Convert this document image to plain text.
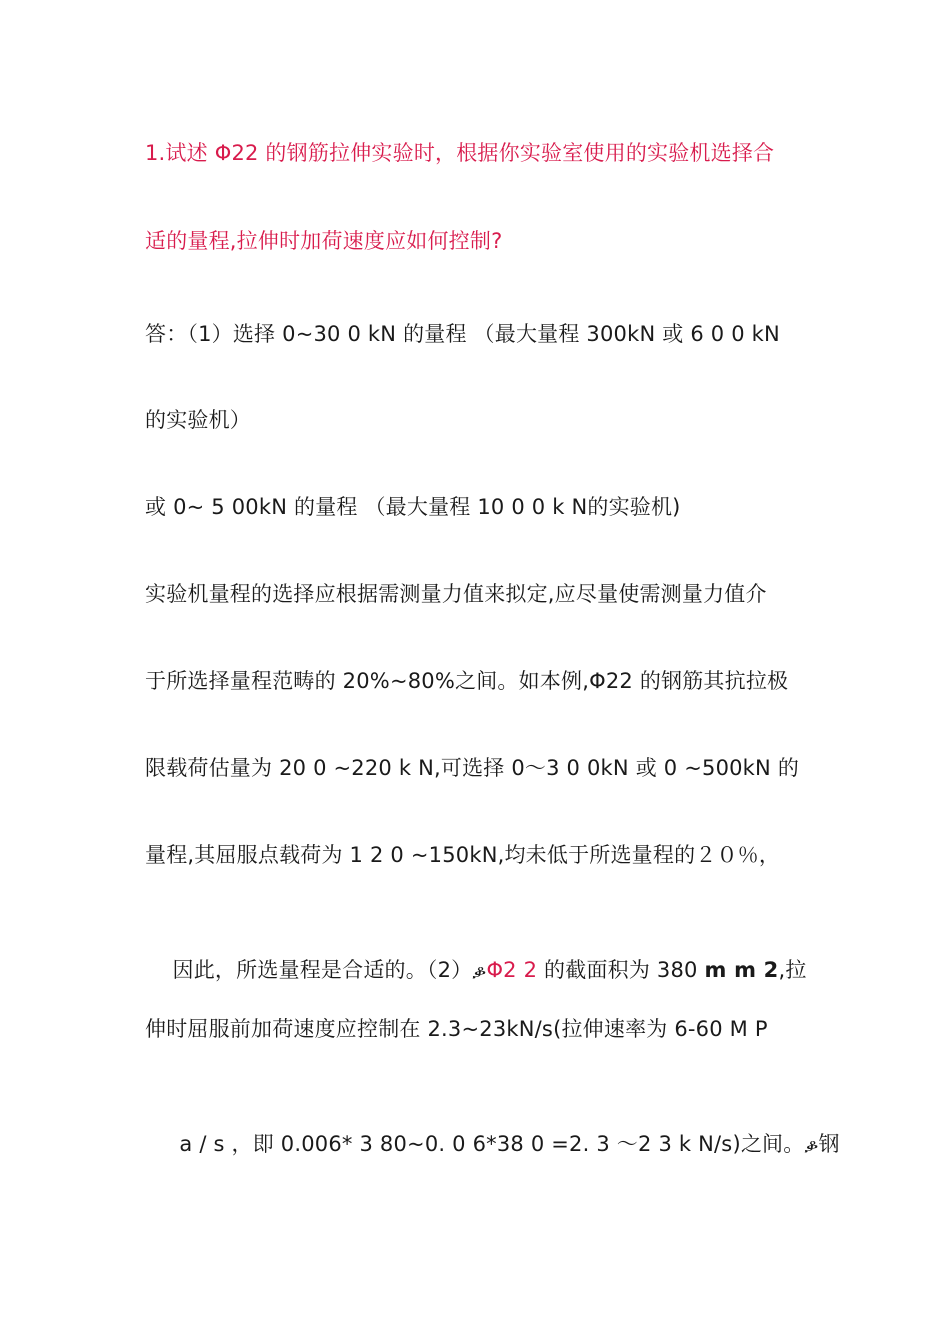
1.试述 Φ22 的钢筋拉伸实验时，根据你实验室使用的实验机选择合
适的量程,拉伸时加荷速度应如何控制?
答：（1）选择 0~30 0 kN 的量程 （最大量程 300kN 或 6 0 0 kN
的实验机）
或 0~ 5 00kN 的量程 （最大量程 10 0 0 k N的实验机)
实验机量程的选择应根据需测量力值来拟定,应尽量使需测量力值介
于所选择量程范畴的 20%~80%之间。如本例,Φ22 的钢筋其抗拉极
限载荷估量为 20 0 ~220 k N,可选择 0～3 0 0kN 或 0 ~500kN 的
量程,其屈服点载荷为 1 2 0 ~150kN,均未低于所选量程的２０％，

因此，所选量程是合适的。（2）ቇΦ2 2 的截面积为 380 m m 2,拉

伸时屈服前加荷速度应控制在 2.3~23kN/s(拉伸速率为 6-60 M P

a / s ，即 0.006* 3 80~0. 0 6*38 0 =2. 3 ～2 3 k N/s)之间。ቇ钢
